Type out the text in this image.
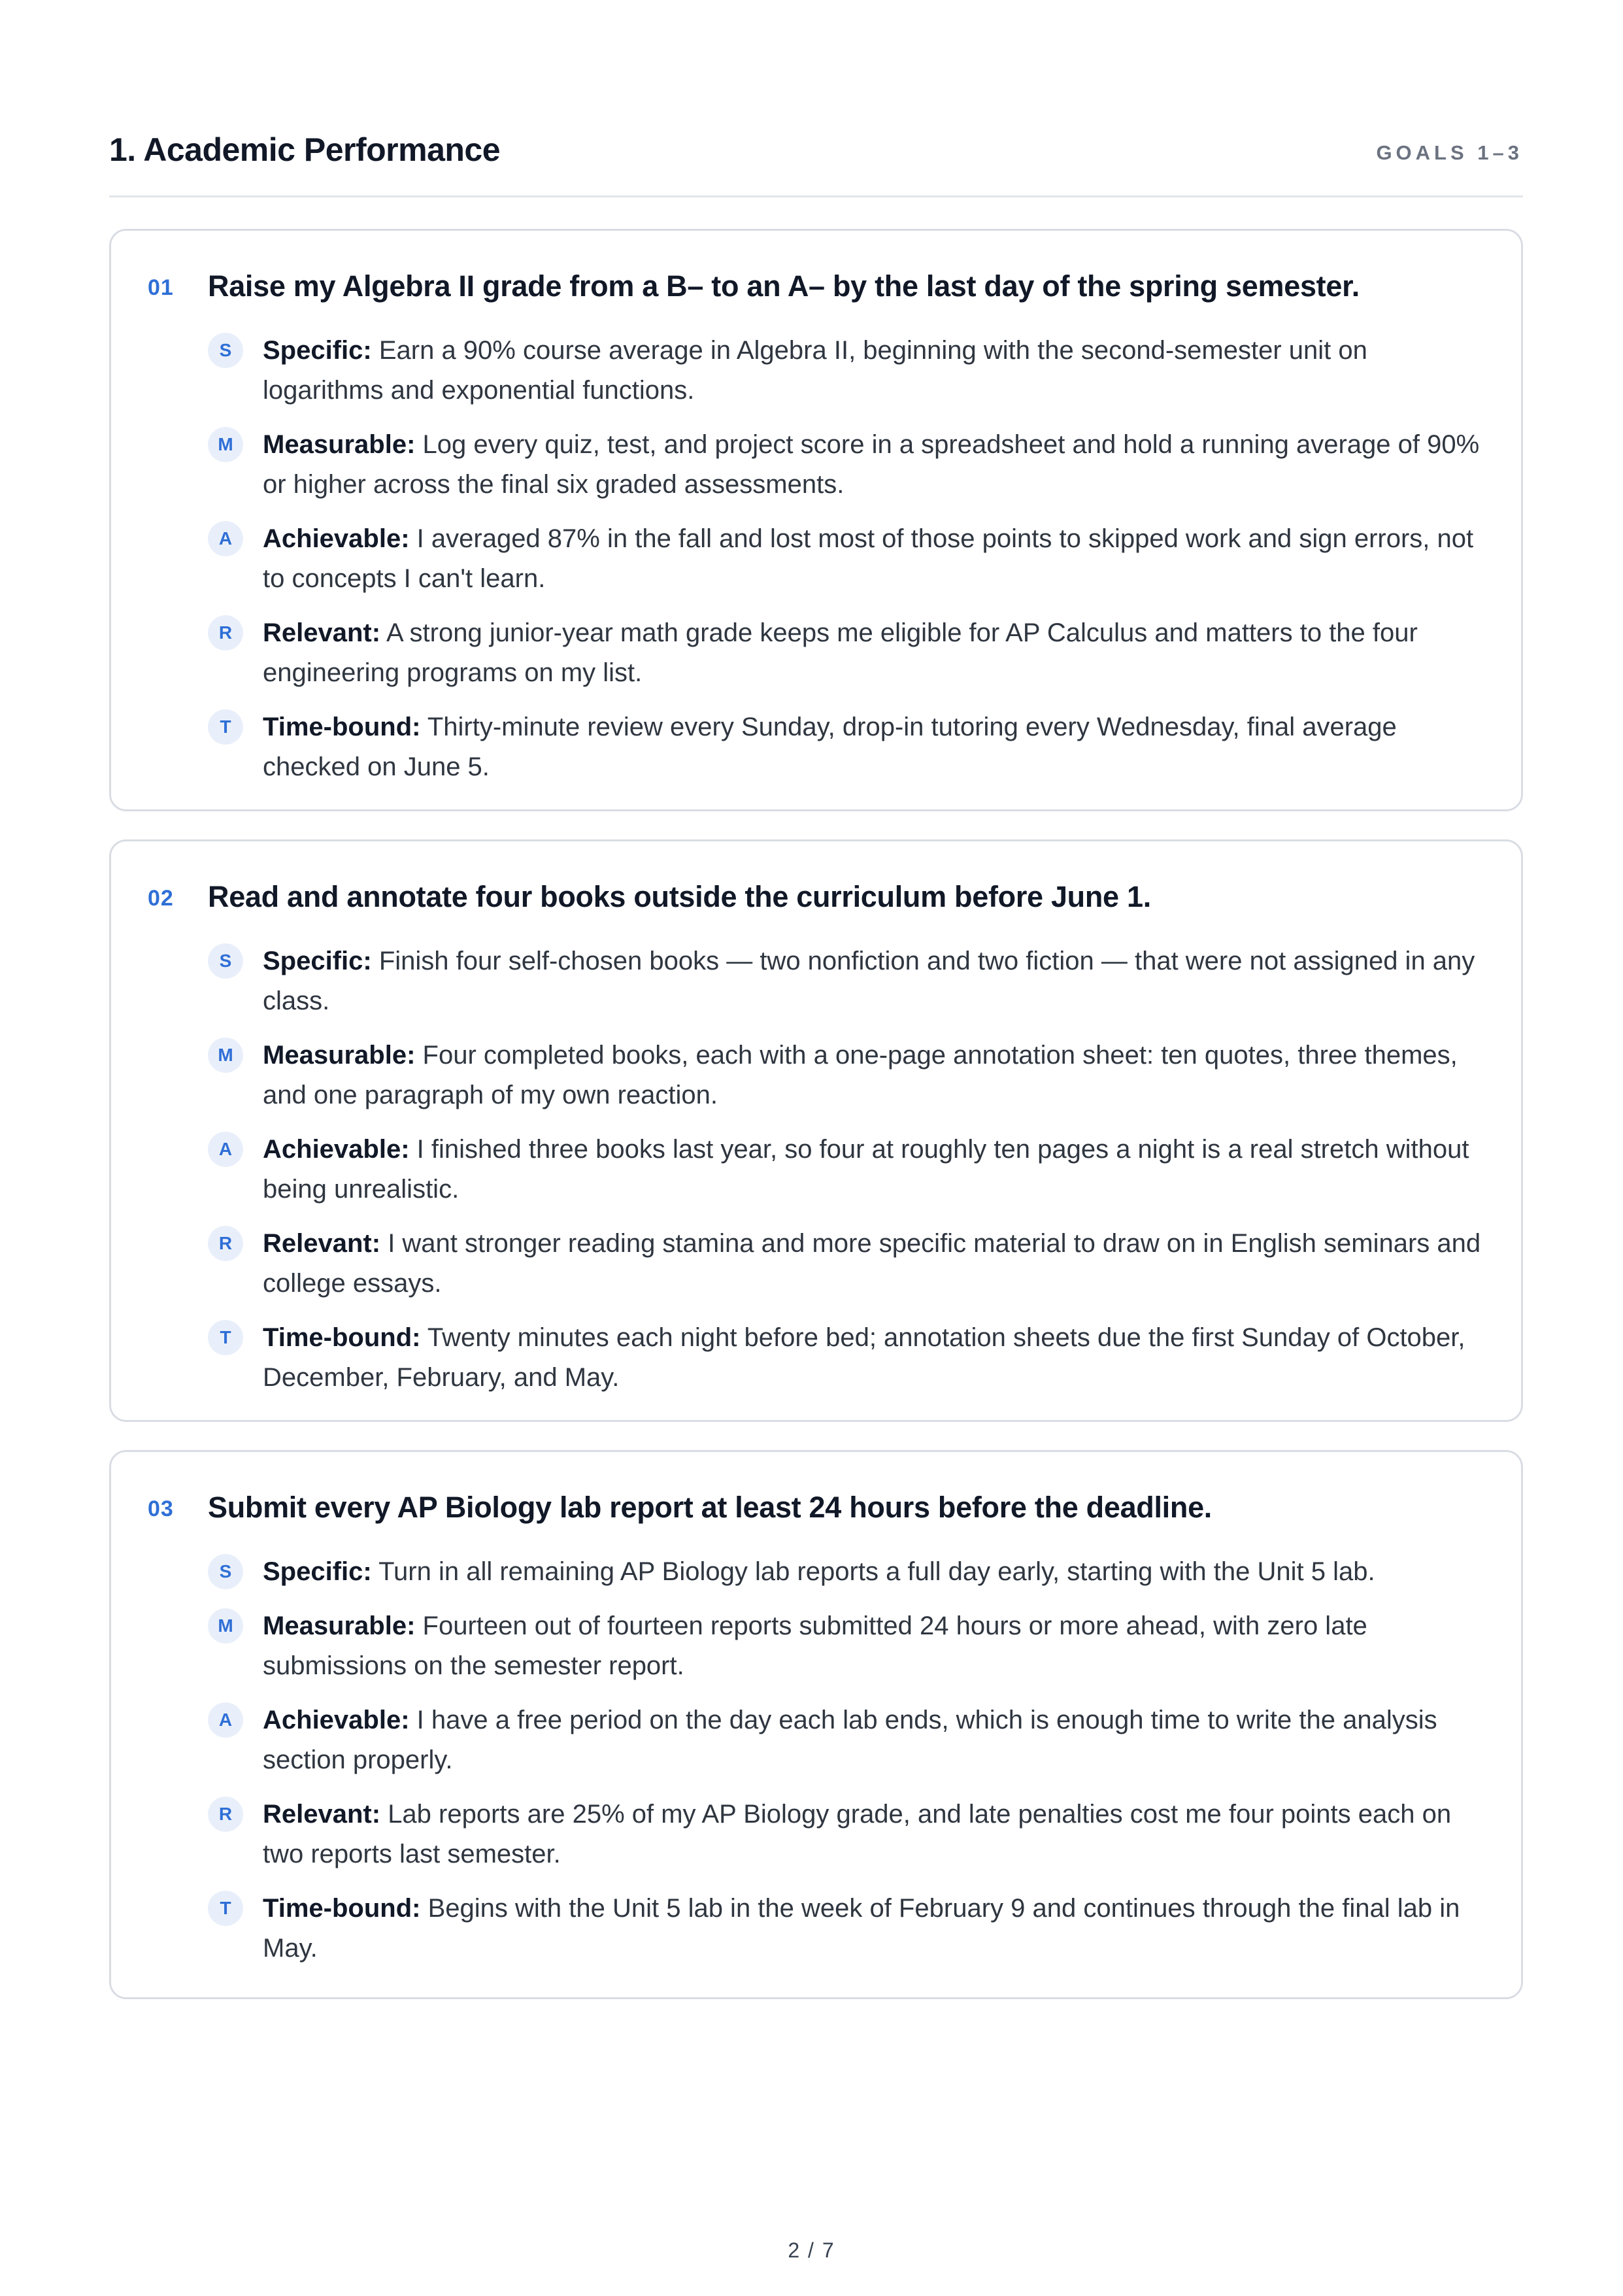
1. Academic Performance	GOALS 1–3
01 Raise my Algebra II grade from a B– to an A– by the last day of the spring semester.
S	Specific: Earn a 90% course average in Algebra II, beginning with the second-semester unit on logarithms and exponential functions.
M	Measurable: Log every quiz, test, and project score in a spreadsheet and hold a running average of 90% or higher across the final six graded assessments.
A	Achievable: I averaged 87% in the fall and lost most of those points to skipped work and sign errors, not to concepts I can't learn.
R	Relevant: A strong junior-year math grade keeps me eligible for AP Calculus and matters to the four engineering programs on my list.
T	Time-bound: Thirty-minute review every Sunday, drop-in tutoring every Wednesday, final average checked on June 5.
02 Read and annotate four books outside the curriculum before June 1.
S	Specific: Finish four self-chosen books — two nonfiction and two fiction — that were not assigned in any class.
M	Measurable: Four completed books, each with a one-page annotation sheet: ten quotes, three themes, and one paragraph of my own reaction.
A	Achievable: I finished three books last year, so four at roughly ten pages a night is a real stretch without being unrealistic.
R	Relevant: I want stronger reading stamina and more specific material to draw on in English seminars and college essays.
T	Time-bound: Twenty minutes each night before bed; annotation sheets due the first Sunday of October, December, February, and May.
03 Submit every AP Biology lab report at least 24 hours before the deadline.
S	Specific: Turn in all remaining AP Biology lab reports a full day early, starting with the Unit 5 lab.
M	Measurable: Fourteen out of fourteen reports submitted 24 hours or more ahead, with zero late submissions on the semester report.
A	Achievable: I have a free period on the day each lab ends, which is enough time to write the analysis section properly.
R	Relevant: Lab reports are 25% of my AP Biology grade, and late penalties cost me four points each on two reports last semester.
T	Time-bound: Begins with the Unit 5 lab in the week of February 9 and continues through the final lab in May.
2 / 7
